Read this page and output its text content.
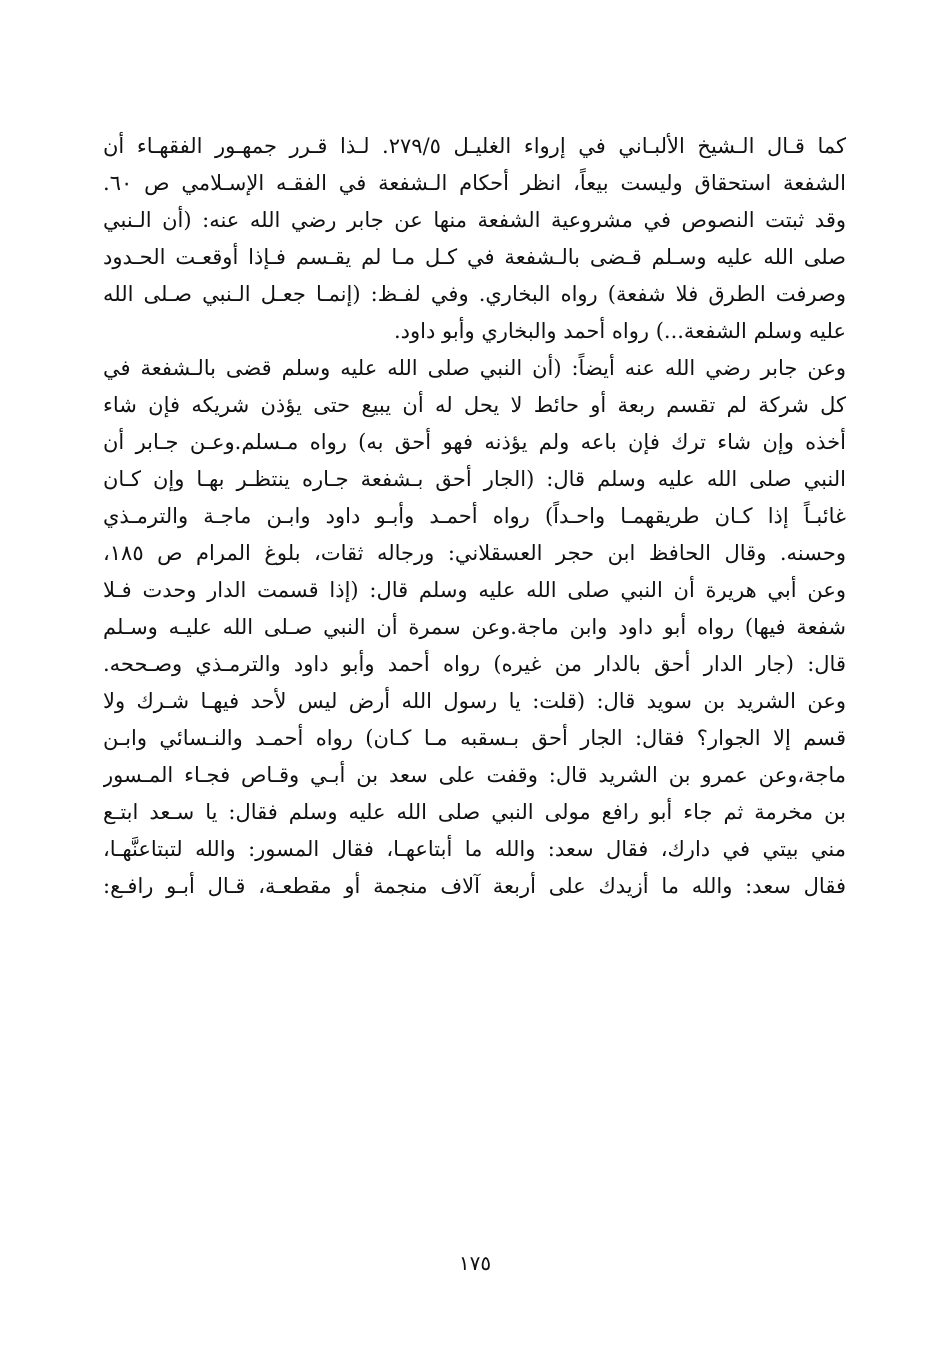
كما قـال الـشيخ الألبـاني في إرواء الغليـل ٢٧٩/٥. لـذا قـرر جمهـور الفقهـاء أن
الشفعة استحقاق وليست بيعاً، انظر أحكام الـشفعة في الفقـه الإسـلامي ص ٦٠.
وقد ثبتت النصوص في مشروعية الشفعة منها عن جابر رضي الله عنه: (أن الـنبي
صلى الله عليه وسـلم قـضى بالـشفعة في كـل مـا لم يقـسم فـإذا أوقعـت الحـدود
وصرفت الطرق فلا شفعة) رواه البخاري. وفي لفـظ: (إنمـا جعـل الـنبي صـلى الله
عليه وسلم الشفعة...) رواه أحمد والبخاري وأبو داود.
وعن جابر رضي الله عنه أيضاً: (أن النبي صلى الله عليه وسلم قضى بالـشفعة في
كل شركة لم تقسم ربعة أو حائط لا يحل له أن يبيع حتى يؤذن شريكه فإن شاء
أخذه وإن شاء ترك فإن باعه ولم يؤذنه فهو أحق به) رواه مـسلم.وعـن جـابر أن
النبي صلى الله عليه وسلم قال: (الجار أحق بـشفعة جـاره ينتظـر بهـا وإن كـان
غائبـاً إذا كـان طريقهمـا واحـداً) رواه أحمـد وأبـو داود وابـن ماجـة والترمـذي
وحسنه. وقال الحافظ ابن حجر العسقلاني: ورجاله ثقات، بلوغ المرام ص ١٨٥،
وعن أبي هريرة أن النبي صلى الله عليه وسلم قال: (إذا قسمت الدار وحدت فـلا
شفعة فيها) رواه أبو داود وابن ماجة.وعن سمرة أن النبي صـلى الله عليـه وسـلم
قال: (جار الدار أحق بالدار من غيره) رواه أحمد وأبو داود والترمـذي وصـححه.
وعن الشريد بن سويد قال: (قلت: يا رسول الله أرض ليس لأحد فيهـا شـرك ولا
قسم إلا الجوار؟ فقال: الجار أحق بـسقبه مـا كـان) رواه أحمـد والنـسائي وابـن
ماجة،وعن عمرو بن الشريد قال: وقفت على سعد بن أبـي وقـاص فجـاء المـسور
بن مخرمة ثم جاء أبو رافع مولى النبي صلى الله عليه وسلم فقال: يا سـعد ابتـع
مني بيتي في دارك، فقال سعد: والله ما أبتاعهـا، فقال المسور: والله لتبتاعنَّهـا،
فقال سعد: والله ما أزيدك على أربعة آلاف منجمة أو مقطعـة، قـال أبـو رافـع:
١٧٥
